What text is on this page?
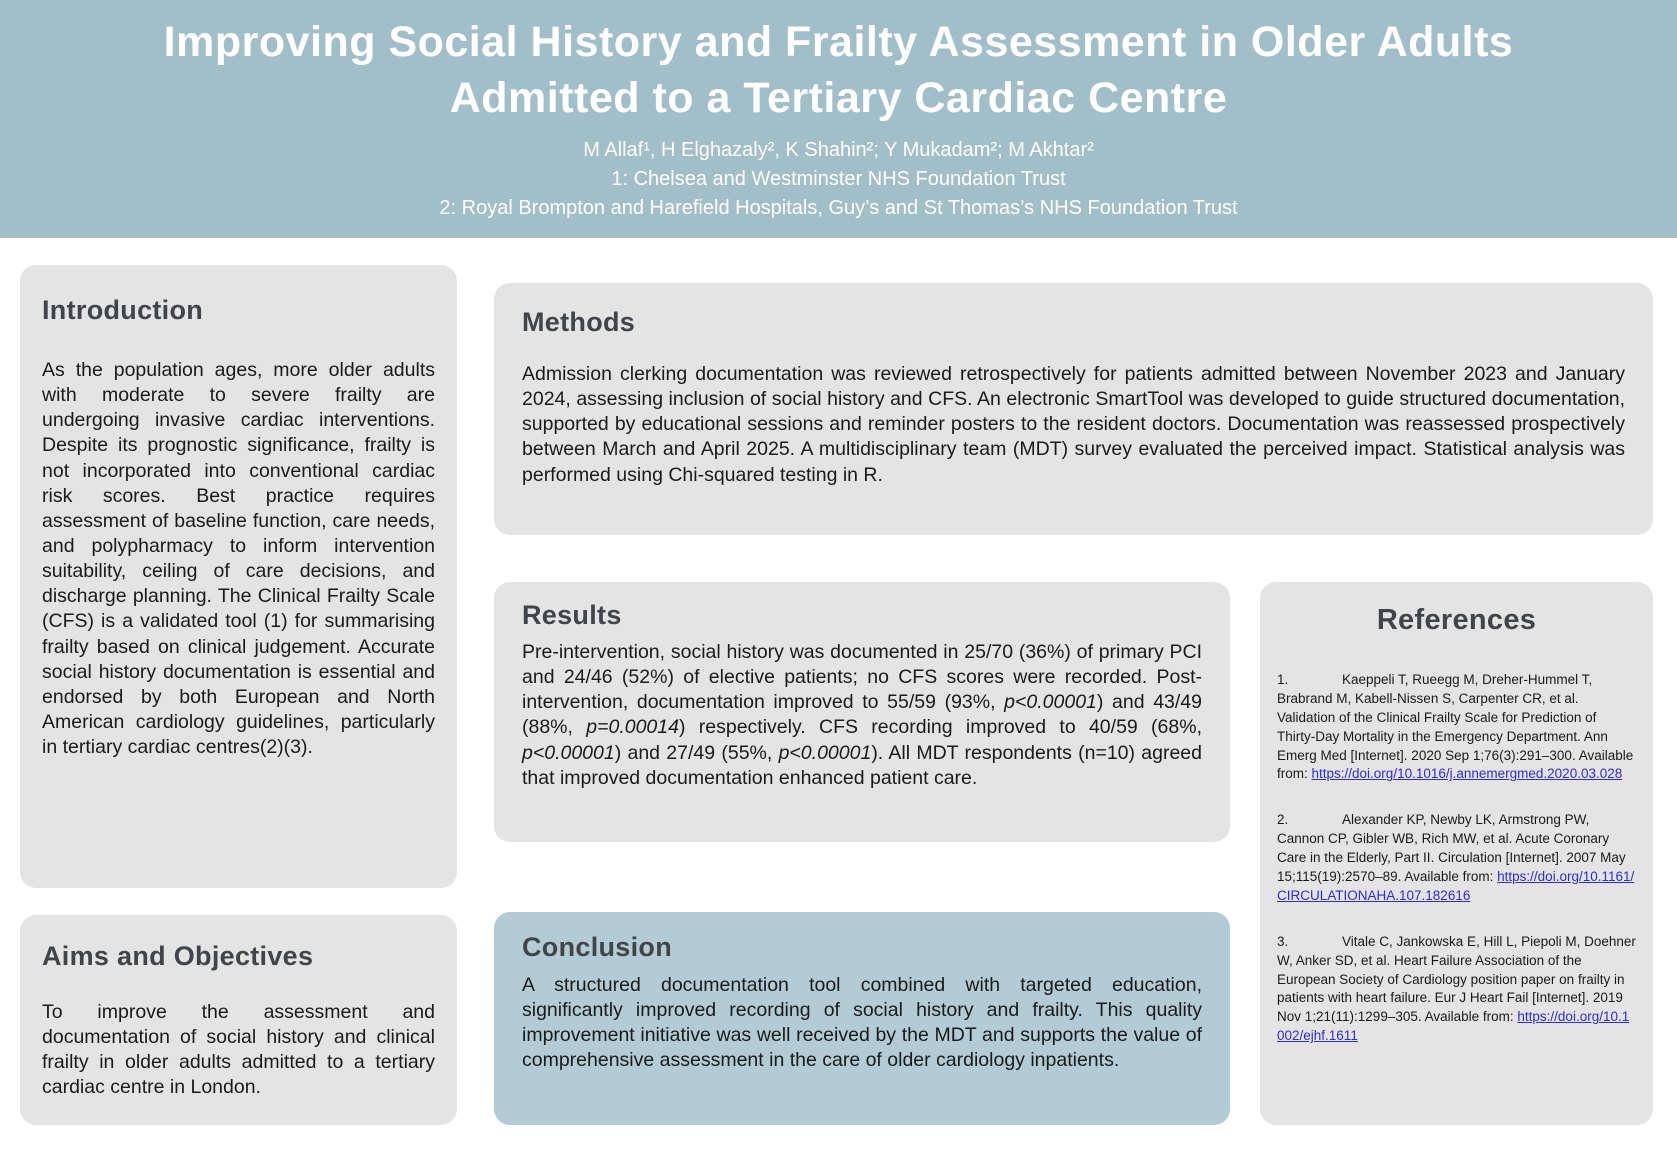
Improving Social History and Frailty Assessment in Older Adults Admitted to a Tertiary Cardiac Centre
M Allaf¹, H Elghazaly², K Shahin²; Y Mukadam²; M Akhtar²
1: Chelsea and Westminster NHS Foundation Trust
2: Royal Brompton and Harefield Hospitals, Guy’s and St Thomas’s NHS Foundation Trust
Introduction

As the population ages, more older adults with moderate to severe frailty are undergoing invasive cardiac interventions. Despite its prognostic significance, frailty is not incorporated into conventional cardiac risk scores. Best practice requires assessment of baseline function, care needs, and polypharmacy to inform intervention suitability, ceiling of care decisions, and discharge planning. The Clinical Frailty Scale (CFS) is a validated tool (1) for summarising frailty based on clinical judgement. Accurate social history documentation is essential and endorsed by both European and North American cardiology guidelines, particularly in tertiary cardiac centres(2)(3).

Aims and Objectives

To improve the assessment and documentation of social history and clinical frailty in older adults admitted to a tertiary cardiac centre in London.

Methods

Admission clerking documentation was reviewed retrospectively for patients admitted between November 2023 and January 2024, assessing inclusion of social history and CFS. An electronic SmartTool was developed to guide structured documentation, supported by educational sessions and reminder posters to the resident doctors. Documentation was reassessed prospectively between March and April 2025. A multidisciplinary team (MDT) survey evaluated the perceived impact. Statistical analysis was performed using Chi-squared testing in R.

Results

Pre-intervention, social history was documented in 25/70 (36%) of primary PCI and 24/46 (52%) of elective patients; no CFS scores were recorded. Post-intervention, documentation improved to 55/59 (93%, p<0.00001) and 43/49 (88%, p=0.00014) respectively. CFS recording improved to 40/59 (68%, p<0.00001) and 27/49 (55%, p<0.00001). All MDT respondents (n=10) agreed that improved documentation enhanced patient care.

Conclusion

A structured documentation tool combined with targeted education, significantly improved recording of social history and frailty. This quality improvement initiative was well received by the MDT and supports the value of comprehensive assessment in the care of older cardiology inpatients.

References

1.	Kaeppeli T, Rueegg M, Dreher-Hummel T, Brabrand M, Kabell-Nissen S, Carpenter CR, et al. Validation of the Clinical Frailty Scale for Prediction of Thirty-Day Mortality in the Emergency Department. Ann Emerg Med [Internet]. 2020 Sep 1;76(3):291–300. Available from: https://doi.org/10.1016/j.annemergmed.2020.03.028

2.	Alexander KP, Newby LK, Armstrong PW, Cannon CP, Gibler WB, Rich MW, et al. Acute Coronary Care in the Elderly, Part II. Circulation [Internet]. 2007 May 15;115(19):2570–89. Available from: https://doi.org/10.1161/CIRCULATIONAHA.107.182616

3.	Vitale C, Jankowska E, Hill L, Piepoli M, Doehner W, Anker SD, et al. Heart Failure Association of the European Society of Cardiology position paper on frailty in patients with heart failure. Eur J Heart Fail [Internet]. 2019 Nov 1;21(11):1299–305. Available from: https://doi.org/10.1002/ejhf.1611
